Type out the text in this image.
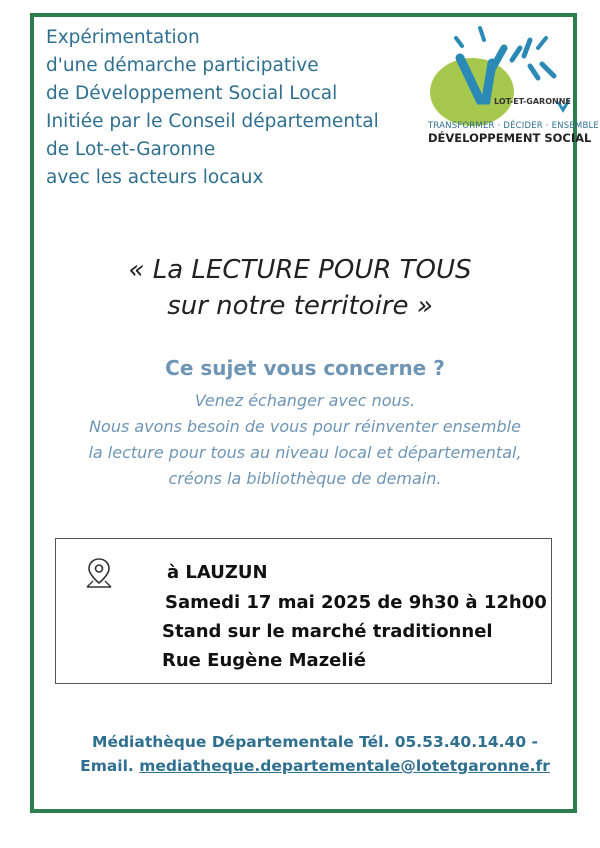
Expérimentation
d'une démarche participative
de Développement Social Local
Initiée par le Conseil départemental
de Lot-et-Garonne
avec les acteurs locaux
LOT-ET-GARONNE
TRANSFORMER · DÉCIDER · ENSEMBLE
DÉVELOPPEMENT SOCIAL
« La LECTURE POUR TOUS
sur notre territoire »
Ce sujet vous concerne ?
Venez échanger avec nous.
Nous avons besoin de vous pour réinventer ensemble
la lecture pour tous au niveau local et départemental,
créons la bibliothèque de demain.
à LAUZUN
Samedi 17 mai 2025 de 9h30 à 12h00
Stand sur le marché traditionnel
Rue Eugène Mazelié
Médiathèque Départementale Tél. 05.53.40.14.40 -
Email. mediatheque.departementale@lotetgaronne.fr
